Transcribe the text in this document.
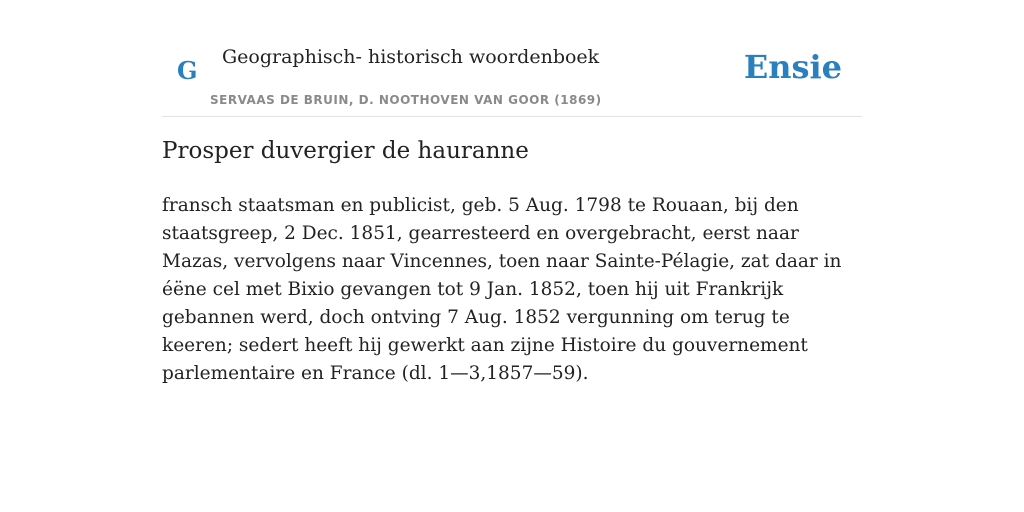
G Geographisch- historisch woordenboek
SERVAAS DE BRUIN, D. NOOTHOVEN VAN GOOR (1869)
Ensie
Prosper duvergier de hauranne

fransch staatsman en publicist, geb. 5 Aug. 1798 te Rouaan, bij den staatsgreep, 2 Dec. 1851, gearresteerd en overgebracht, eerst naar Mazas, vervolgens naar Vincennes, toen naar Sainte-Pélagie, zat daar in éëne cel met Bixio gevangen tot 9 Jan. 1852, toen hij uit Frankrijk gebannen werd, doch ontving 7 Aug. 1852 vergunning om terug te keeren; sedert heeft hij gewerkt aan zijne Histoire du gouvernement parlementaire en France (dl. 1—3,1857—59).
